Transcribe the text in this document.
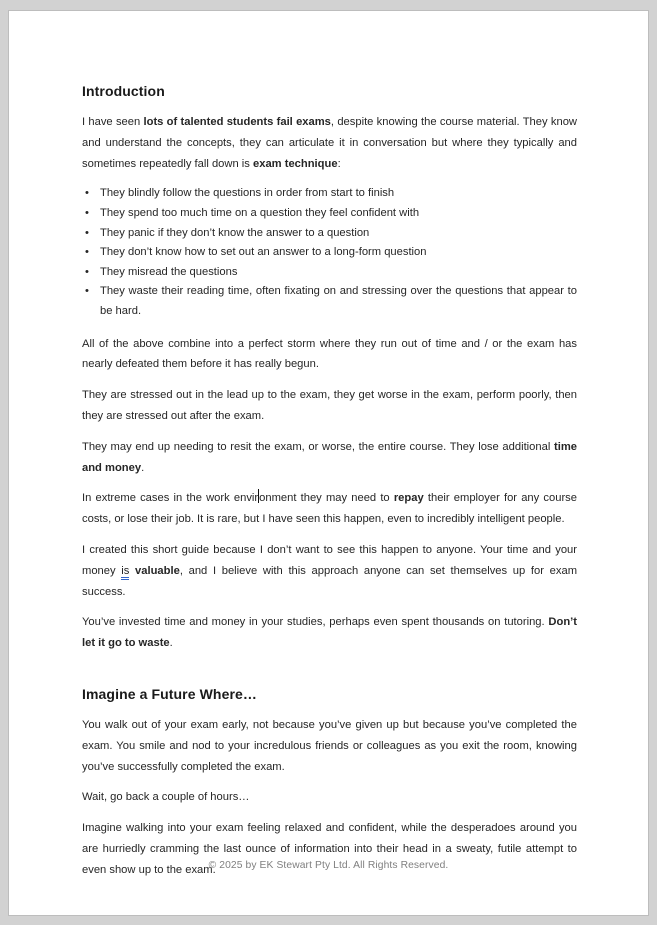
Introduction

I have seen lots of talented students fail exams, despite knowing the course material. They know and understand the concepts, they can articulate it in conversation but where they typically and sometimes repeatedly fall down is exam technique:

• They blindly follow the questions in order from start to finish
• They spend too much time on a question they feel confident with
• They panic if they don’t know the answer to a question
• They don’t know how to set out an answer to a long-form question
• They misread the questions
• They waste their reading time, often fixating on and stressing over the questions that appear to be hard.

All of the above combine into a perfect storm where they run out of time and / or the exam has nearly defeated them before it has really begun.

They are stressed out in the lead up to the exam, they get worse in the exam, perform poorly, then they are stressed out after the exam.

They may end up needing to resit the exam, or worse, the entire course. They lose additional time and money.

In extreme cases in the work environment they may need to repay their employer for any course costs, or lose their job. It is rare, but I have seen this happen, even to incredibly intelligent people.

I created this short guide because I don’t want to see this happen to anyone. Your time and your money is valuable, and I believe with this approach anyone can set themselves up for exam success.

You’ve invested time and money in your studies, perhaps even spent thousands on tutoring. Don’t let it go to waste.

Imagine a Future Where…

You walk out of your exam early, not because you’ve given up but because you’ve completed the exam. You smile and nod to your incredulous friends or colleagues as you exit the room, knowing you’ve successfully completed the exam.

Wait, go back a couple of hours…

Imagine walking into your exam feeling relaxed and confident, while the desperadoes around you are hurriedly cramming the last ounce of information into their head in a sweaty, futile attempt to even show up to the exam.

© 2025 by EK Stewart Pty Ltd. All Rights Reserved.
